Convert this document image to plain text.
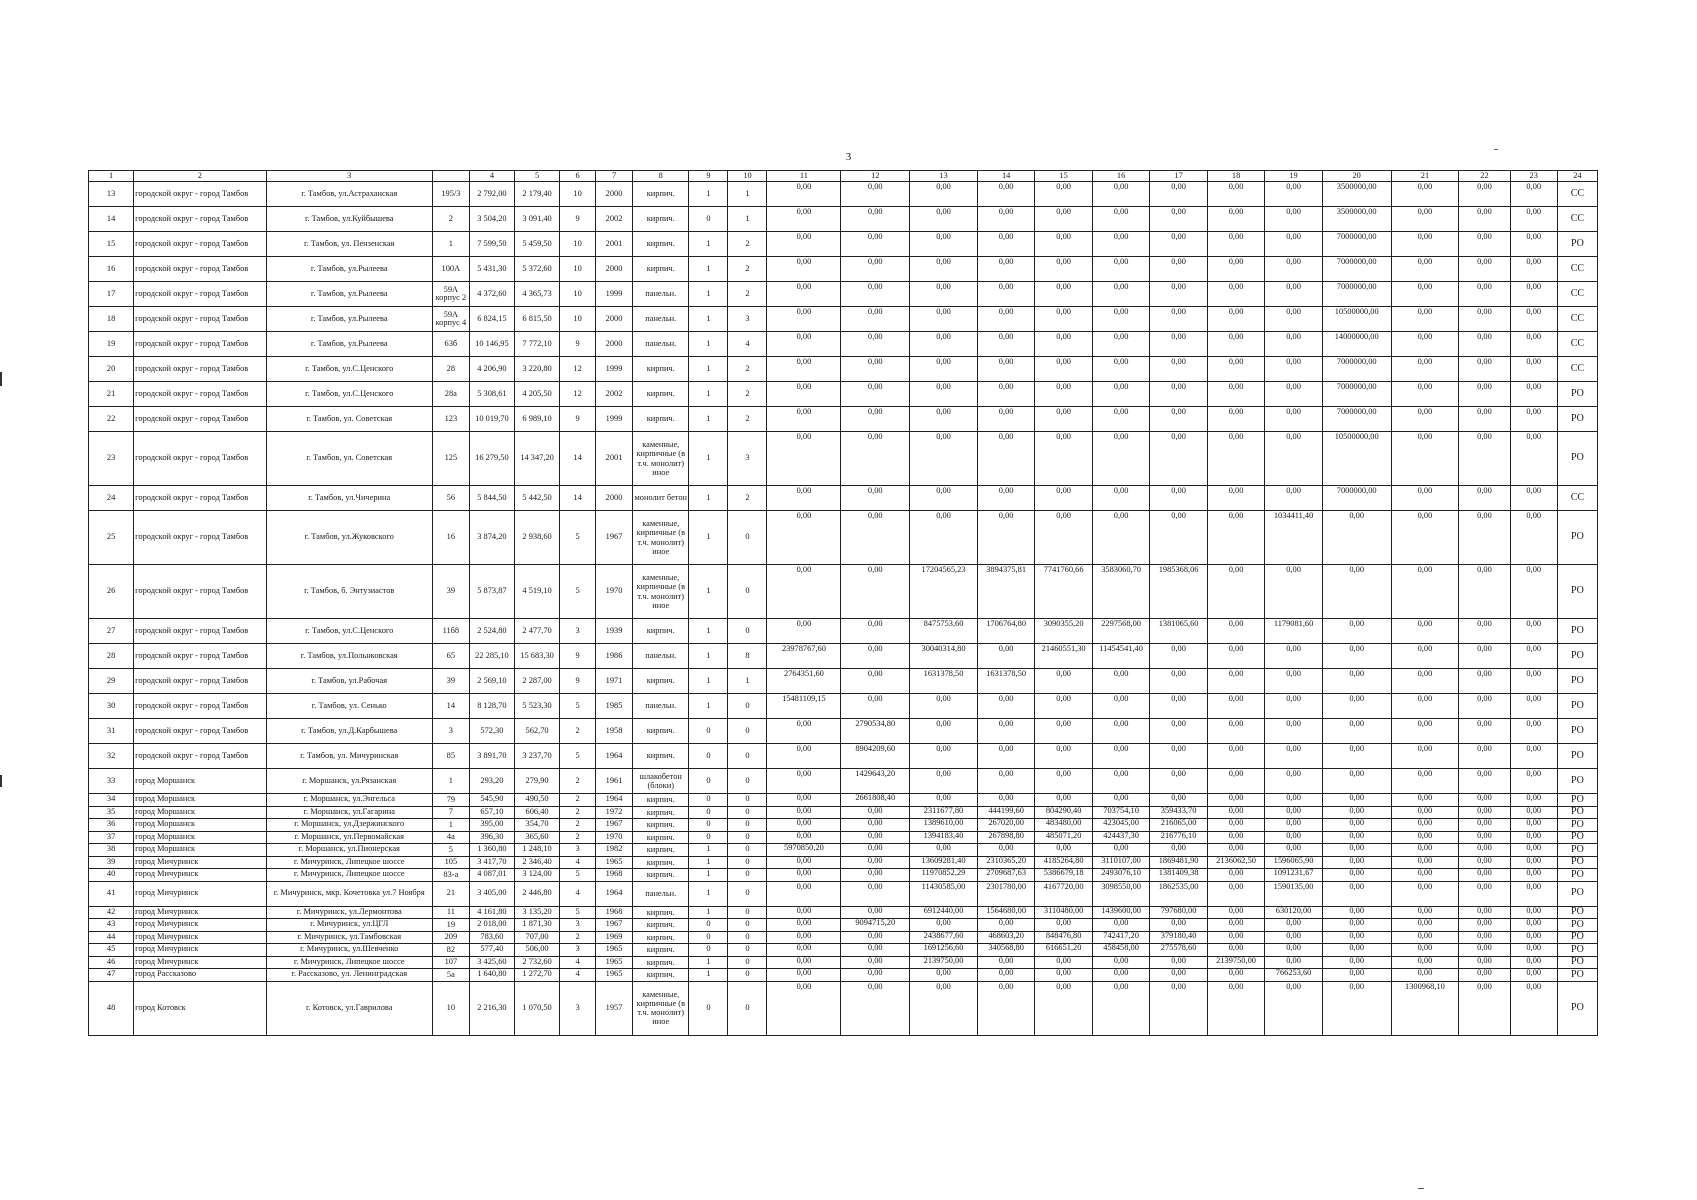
3
1	2	3		4	5	6	7	8	9	10	11	12	13	14	15	16	17	18	19	20	21	22	23	24
13	городской округ - город Тамбов	г. Тамбов, ул.Астраханская	195/3	2 792,00	2 179,40	10	2000	кирпич.	1	1	0,00	0,00	0,00	0,00	0,00	0,00	0,00	0,00	0,00	3500000,00	0,00	0,00	0,00	СС
14	городской округ - город Тамбов	г. Тамбов, ул.Куйбышева	2	3 504,20	3 091,40	9	2002	кирпич.	0	1	0,00	0,00	0,00	0,00	0,00	0,00	0,00	0,00	0,00	3500000,00	0,00	0,00	0,00	СС
15	городской округ - город Тамбов	г. Тамбов, ул. Пензенская	1	7 599,50	5 459,50	10	2001	кирпич.	1	2	0,00	0,00	0,00	0,00	0,00	0,00	0,00	0,00	0,00	7000000,00	0,00	0,00	0,00	РО
16	городской округ - город Тамбов	г. Тамбов, ул.Рылеева	100А	5 431,30	5 372,60	10	2000	кирпич.	1	2	0,00	0,00	0,00	0,00	0,00	0,00	0,00	0,00	0,00	7000000,00	0,00	0,00	0,00	СС
17	городской округ - город Тамбов	г. Тамбов, ул.Рылеева	59А корпус 2	4 372,60	4 365,73	10	1999	панельн.	1	2	0,00	0,00	0,00	0,00	0,00	0,00	0,00	0,00	0,00	7000000,00	0,00	0,00	0,00	СС
18	городской округ - город Тамбов	г. Тамбов, ул.Рылеева	59А корпус 4	6 824,15	6 815,50	10	2000	панельн.	1	3	0,00	0,00	0,00	0,00	0,00	0,00	0,00	0,00	0,00	10500000,00	0,00	0,00	0,00	СС
19	городской округ - город Тамбов	г. Тамбов, ул.Рылеева	63б	10 146,95	7 772,10	9	2000	панельн.	1	4	0,00	0,00	0,00	0,00	0,00	0,00	0,00	0,00	0,00	14000000,00	0,00	0,00	0,00	СС
20	городской округ - город Тамбов	г. Тамбов, ул.С.Ценского	28	4 206,90	3 220,80	12	1999	кирпич.	1	2	0,00	0,00	0,00	0,00	0,00	0,00	0,00	0,00	0,00	7000000,00	0,00	0,00	0,00	СС
21	городской округ - город Тамбов	г. Тамбов, ул.С.Ценского	28а	5 308,61	4 205,50	12	2002	кирпич.	1	2	0,00	0,00	0,00	0,00	0,00	0,00	0,00	0,00	0,00	7000000,00	0,00	0,00	0,00	РО
22	городской округ - город Тамбов	г. Тамбов, ул. Советская	123	10 019,70	6 989,10	9	1999	кирпич.	1	2	0,00	0,00	0,00	0,00	0,00	0,00	0,00	0,00	0,00	7000000,00	0,00	0,00	0,00	РО
23	городской округ - город Тамбов	г. Тамбов, ул. Советская	125	16 279,50	14 347,20	14	2001	каменные, кирпичные (в т.ч. монолит) иное	1	3	0,00	0,00	0,00	0,00	0,00	0,00	0,00	0,00	0,00	10500000,00	0,00	0,00	0,00	РО
24	городской округ - город Тамбов	г. Тамбов, ул.Чичерина	56	5 844,50	5 442,50	14	2000	монолит бетон	1	2	0,00	0,00	0,00	0,00	0,00	0,00	0,00	0,00	0,00	7000000,00	0,00	0,00	0,00	СС
25	городской округ - город Тамбов	г. Тамбов, ул.Жуковского	16	3 874,20	2 938,60	5	1967	каменные, кирпичные (в т.ч. монолит) иное	1	0	0,00	0,00	0,00	0,00	0,00	0,00	0,00	0,00	1034411,40	0,00	0,00	0,00	0,00	РО
26	городской округ - город Тамбов	г. Тамбов, б. Энтузиастов	39	5 873,87	4 519,10	5	1970	каменные, кирпичные (в т.ч. монолит) иное	1	0	0,00	0,00	17204565,23	3894375,81	7741760,66	3583060,70	1985368,06	0,00	0,00	0,00	0,00	0,00	0,00	РО
27	городской округ - город Тамбов	г. Тамбов, ул.С.Ценского	11б8	2 524,80	2 477,70	3	1939	кирпич.	1	0	0,00	0,00	8475753,60	1706764,80	3090355,20	2297568,00	1381065,60	0,00	1179081,60	0,00	0,00	0,00	0,00	РО
28	городской округ - город Тамбов	г. Тамбов, ул.Польнковская	65	22 285,10	15 683,30	9	1986	панельн.	1	8	23978767,60	0,00	30040314,80	0,00	21460551,30	11454541,40	0,00	0,00	0,00	0,00	0,00	0,00	0,00	РО
29	городской округ - город Тамбов	г. Тамбов, ул.Рабочая	39	2 569,10	2 287,00	9	1971	кирпич.	1	1	2764351,60	0,00	1631378,50	1631378,50	0,00	0,00	0,00	0,00	0,00	0,00	0,00	0,00	0,00	РО
30	городской округ - город Тамбов	г. Тамбов, ул. Сенько	14	8 128,70	5 523,30	5	1985	панельн.	1	0	15481109,15	0,00	0,00	0,00	0,00	0,00	0,00	0,00	0,00	0,00	0,00	0,00	0,00	РО
31	городской округ - город Тамбов	г. Тамбов, ул.Д.Карбышева	3	572,30	562,70	2	1958	кирпич.	0	0	0,00	2790534,80	0,00	0,00	0,00	0,00	0,00	0,00	0,00	0,00	0,00	0,00	0,00	РО
32	городской округ - город Тамбов	г. Тамбов, ул. Мичуринская	85	3 891,70	3 237,70	5	1964	кирпич.	0	0	0,00	8904209,60	0,00	0,00	0,00	0,00	0,00	0,00	0,00	0,00	0,00	0,00	0,00	РО
33	город Моршанск	г. Моршанск, ул.Рязанская	1	293,20	279,90	2	1961	шлакобетон (блоки)	0	0	0,00	1429643,20	0,00	0,00	0,00	0,00	0,00	0,00	0,00	0,00	0,00	0,00	0,00	РО
34	город Моршанск	г. Моршанск, ул.Энгельса	79	545,90	490,50	2	1964	кирпич.	0	0	0,00	2661808,40	0,00	0,00	0,00	0,00	0,00	0,00	0,00	0,00	0,00	0,00	0,00	РО
35	город Моршанск	г. Моршанск, ул.Гагарина	7	657,10	606,40	2	1972	кирпич.	0	0	0,00	0,00	2311677,80	444199,60	804290,40	703754,10	359433,70	0,00	0,00	0,00	0,00	0,00	0,00	РО
36	город Моршанск	г. Моршанск, ул.Дзержинского	1	395,00	354,70	2	1967	кирпич.	0	0	0,00	0,00	1389610,00	267020,00	483480,00	423045,00	216065,00	0,00	0,00	0,00	0,00	0,00	0,00	РО
37	город Моршанск	г. Моршанск, ул.Первомайская	4а	396,30	365,60	2	1970	кирпич.	0	0	0,00	0,00	1394183,40	267898,80	485071,20	424437,30	216776,10	0,00	0,00	0,00	0,00	0,00	0,00	РО
38	город Моршанск	г. Моршанск, ул.Пионерская	5	1 360,80	1 248,10	3	1982	кирпич.	1	0	5970850,20	0,00	0,00	0,00	0,00	0,00	0,00	0,00	0,00	0,00	0,00	0,00	0,00	РО
39	город Мичуринск	г. Мичуринск, Липецкое шоссе	105	3 417,70	2 346,40	4	1965	кирпич.	1	0	0,00	0,00	13609281,40	2310365,20	4185264,80	3110107,00	1869481,90	2136062,50	1596065,90	0,00	0,00	0,00	0,00	РО
40	город Мичуринск	г. Мичуринск, Липецкое шоссе	83-а	4 087,01	3 124,00	5	1968	кирпич.	1	0	0,00	0,00	11970852,29	2709687,63	5386679,18	2493076,10	1381409,38	0,00	1091231,67	0,00	0,00	0,00	0,00	РО
41	город Мичуринск	г. Мичуринск, мкр. Кочетовка ул.7 Ноября	21	3 405,00	2 446,80	4	1964	панельн.	1	0	0,00	0,00	11430585,00	2301780,00	4167720,00	3098550,00	1862535,00	0,00	1590135,00	0,00	0,00	0,00	0,00	РО
42	город Мичуринск	г. Мичуринск, ул.Лермонтова	11	4 161,80	3 135,20	5	1968	кирпич.	1	0	0,00	0,00	6912440,00	1564680,00	3110480,00	1439600,00	797680,00	0,00	630120,00	0,00	0,00	0,00	0,00	РО
43	город Мичуринск	г. Мичуринск, ул.ЦГЛ	19	2 018,00	1 871,30	3	1967	кирпич.	0	0	0,00	9094715,20	0,00	0,00	0,00	0,00	0,00	0,00	0,00	0,00	0,00	0,00	0,00	РО
44	город Мичуринск	г. Мичуринск, ул.Тамбовская	209	783,60	707,00	2	1969	кирпич.	0	0	0,00	0,00	2438677,60	468603,20	848476,80	742417,20	379180,40	0,00	0,00	0,00	0,00	0,00	0,00	РО
45	город Мичуринск	г. Мичуринск, ул.Шевченко	82	577,40	506,00	3	1965	кирпич.	0	0	0,00	0,00	1691256,60	340568,80	616651,20	458458,00	275578,60	0,00	0,00	0,00	0,00	0,00	0,00	РО
46	город Мичуринск	г. Мичуринск, Липецкое шоссе	107	3 425,60	2 732,60	4	1965	кирпич.	1	0	0,00	0,00	2139750,00	0,00	0,00	0,00	0,00	2139750,00	0,00	0,00	0,00	0,00	0,00	РО
47	город Рассказово	г. Рассказово, ул. Ленинградская	5а	1 640,80	1 272,70	4	1965	кирпич.	1	0	0,00	0,00	0,00	0,00	0,00	0,00	0,00	0,00	766253,60	0,00	0,00	0,00	0,00	РО
48	город Котовск	г. Котовск, ул.Гаврилова	10	2 216,30	1 070,50	3	1957	каменные, кирпичные (в т.ч. монолит) иное	0	0	0,00	0,00	0,00	0,00	0,00	0,00	0,00	0,00	0,00	0,00	1300968,10	0,00	0,00	РО
